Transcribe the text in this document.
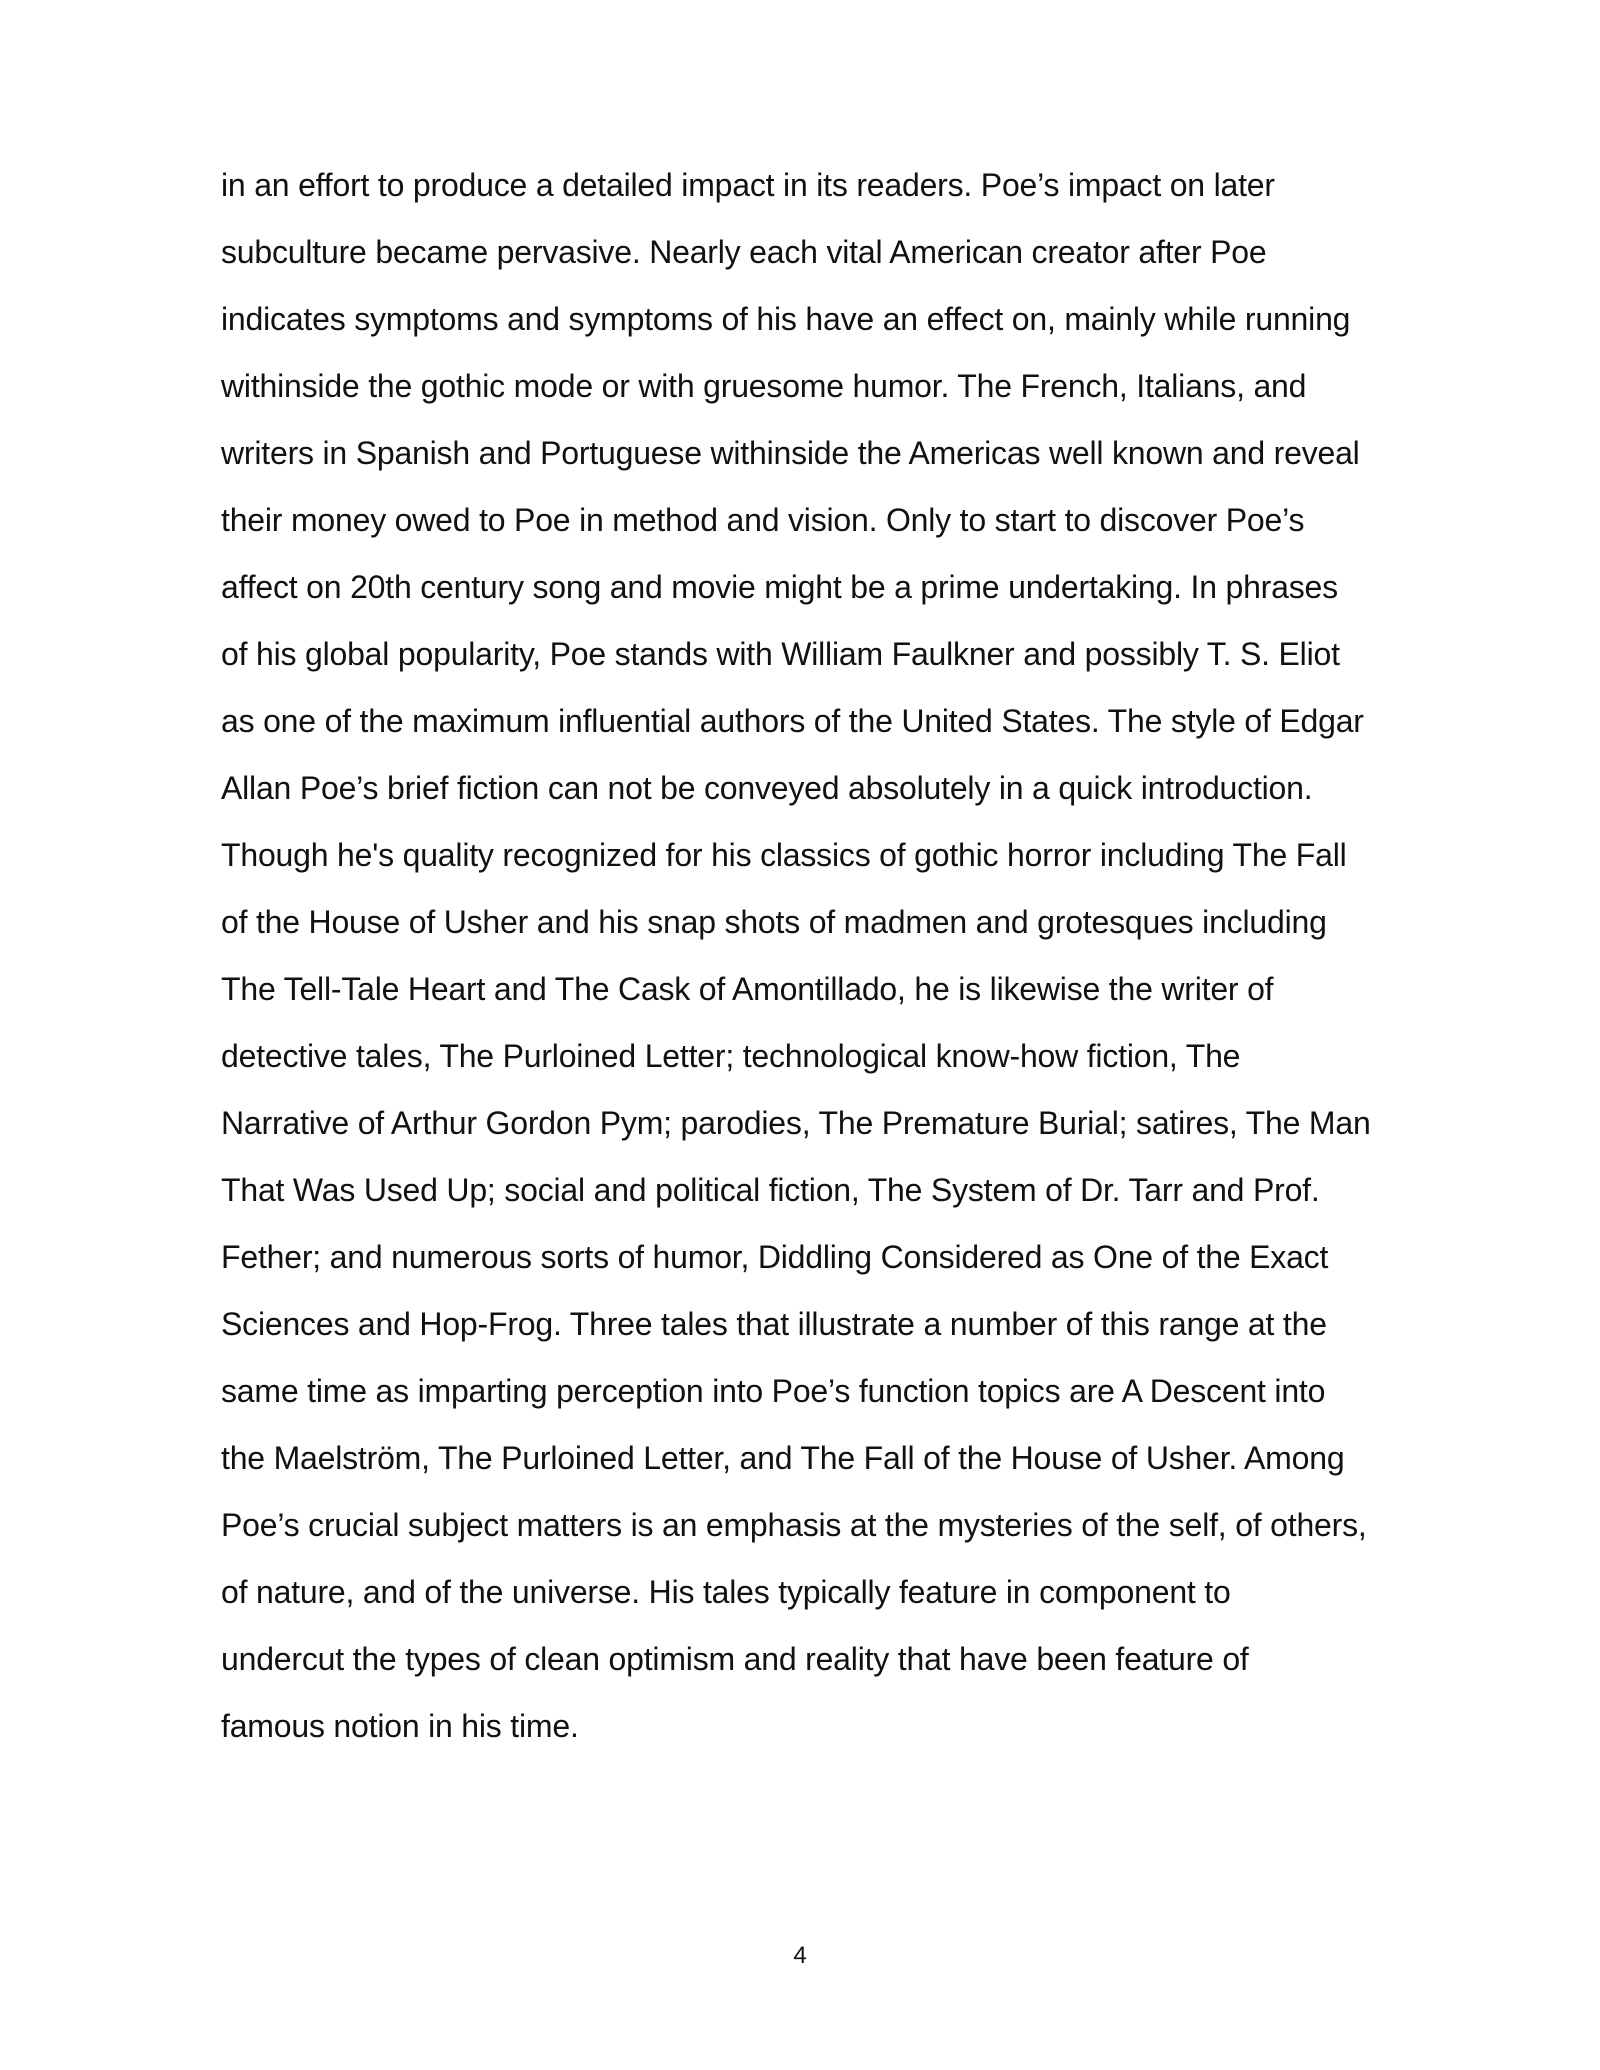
in an effort to produce a detailed impact in its readers. Poe’s impact on later
subculture became pervasive. Nearly each vital American creator after Poe
indicates symptoms and symptoms of his have an effect on, mainly while running
withinside the gothic mode or with gruesome humor. The French, Italians, and
writers in Spanish and Portuguese withinside the Americas well known and reveal
their money owed to Poe in method and vision. Only to start to discover Poe’s
affect on 20th century song and movie might be a prime undertaking. In phrases
of his global popularity, Poe stands with William Faulkner and possibly T. S. Eliot
as one of the maximum influential authors of the United States. The style of Edgar
Allan Poe’s brief fiction can not be conveyed absolutely in a quick introduction.
Though he's quality recognized for his classics of gothic horror including The Fall
of the House of Usher and his snap shots of madmen and grotesques including
The Tell-Tale Heart and The Cask of Amontillado, he is likewise the writer of
detective tales, The Purloined Letter; technological know-how fiction, The
Narrative of Arthur Gordon Pym; parodies, The Premature Burial; satires, The Man
That Was Used Up; social and political fiction, The System of Dr. Tarr and Prof.
Fether; and numerous sorts of humor, Diddling Considered as One of the Exact
Sciences and Hop-Frog. Three tales that illustrate a number of this range at the
same time as imparting perception into Poe’s function topics are A Descent into
the Maelström, The Purloined Letter, and The Fall of the House of Usher. Among
Poe’s crucial subject matters is an emphasis at the mysteries of the self, of others,
of nature, and of the universe. His tales typically feature in component to
undercut the types of clean optimism and reality that have been feature of
famous notion in his time.
4
